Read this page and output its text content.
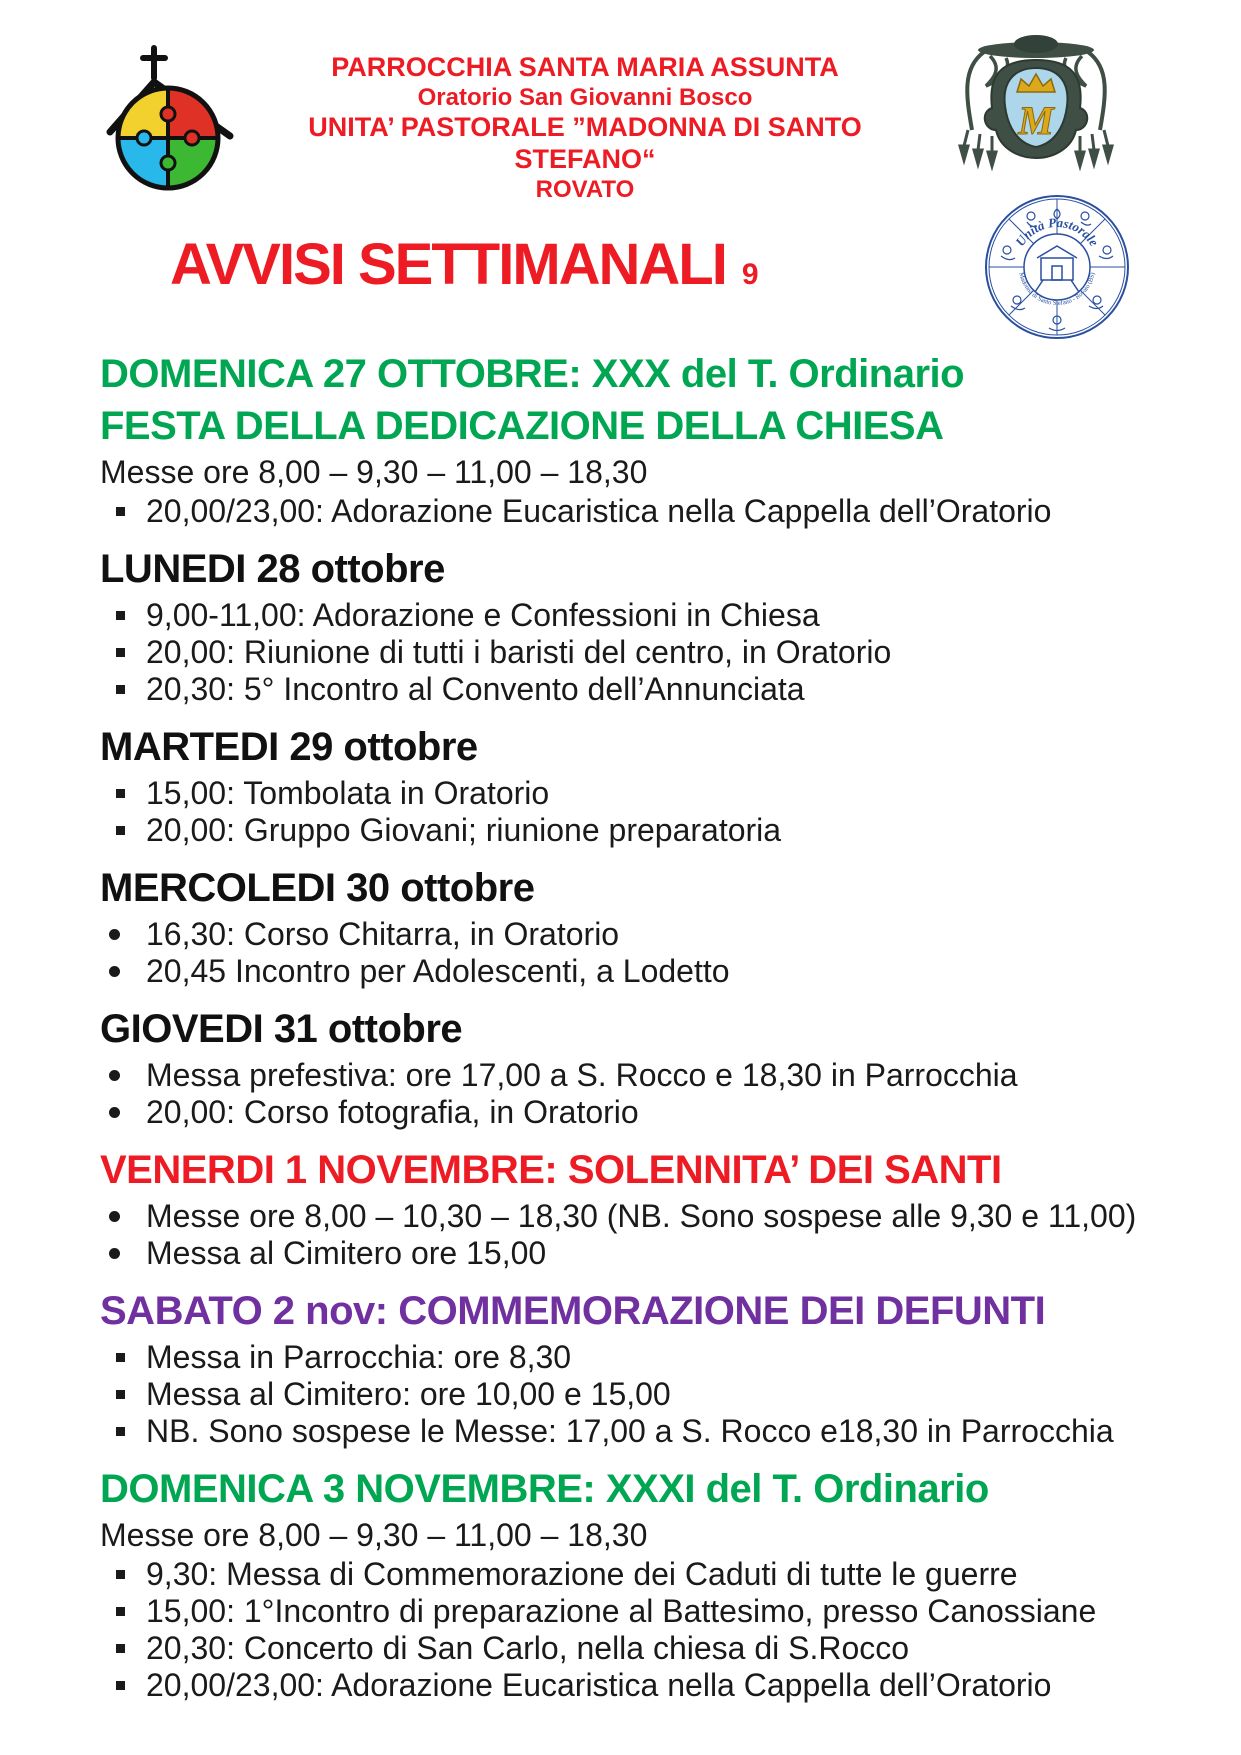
PARROCCHIA SANTA MARIA ASSUNTA
Oratorio San Giovanni Bosco
UNITA’ PASTORALE ”MADONNA DI SANTO STEFANO“
ROVATO
M
Unità Pastorale
Madonna di Santo Stefano - Rovato (BS)
AVVISI SETTIMANALI 9
DOMENICA 27 OTTOBRE: XXX del T. Ordinario
FESTA DELLA DEDICAZIONE DELLA CHIESA

Messe ore 8,00 – 9,30 – 11,00 – 18,30

20,00/23,00: Adorazione Eucaristica nella Cappella dell’Oratorio
LUNEDI 28 ottobre
9,00-11,00: Adorazione e Confessioni in Chiesa
20,00: Riunione di tutti i baristi del centro, in Oratorio
20,30: 5° Incontro al Convento dell’Annunciata
MARTEDI 29 ottobre
15,00: Tombolata in Oratorio
20,00: Gruppo Giovani; riunione preparatoria
MERCOLEDI 30 ottobre
16,30: Corso Chitarra, in Oratorio
20,45 Incontro per Adolescenti, a Lodetto
GIOVEDI 31 ottobre
Messa prefestiva: ore 17,00 a S. Rocco e 18,30 in Parrocchia
20,00: Corso fotografia, in Oratorio
VENERDI 1 NOVEMBRE: SOLENNITA’ DEI SANTI
Messe ore 8,00 – 10,30 – 18,30 (NB. Sono sospese alle 9,30 e 11,00)
Messa al Cimitero ore 15,00
SABATO 2 nov: COMMEMORAZIONE DEI DEFUNTI
Messa in Parrocchia: ore 8,30
Messa al Cimitero: ore 10,00 e 15,00
NB. Sono sospese le Messe: 17,00 a S. Rocco e18,30 in Parrocchia
DOMENICA 3 NOVEMBRE: XXXI del T. Ordinario

Messe ore 8,00 – 9,30 – 11,00 – 18,30

9,30: Messa di Commemorazione dei Caduti di tutte le guerre
15,00: 1°Incontro di preparazione al Battesimo, presso Canossiane
20,30: Concerto di San Carlo, nella chiesa di S.Rocco
20,00/23,00: Adorazione Eucaristica nella Cappella dell’Oratorio
